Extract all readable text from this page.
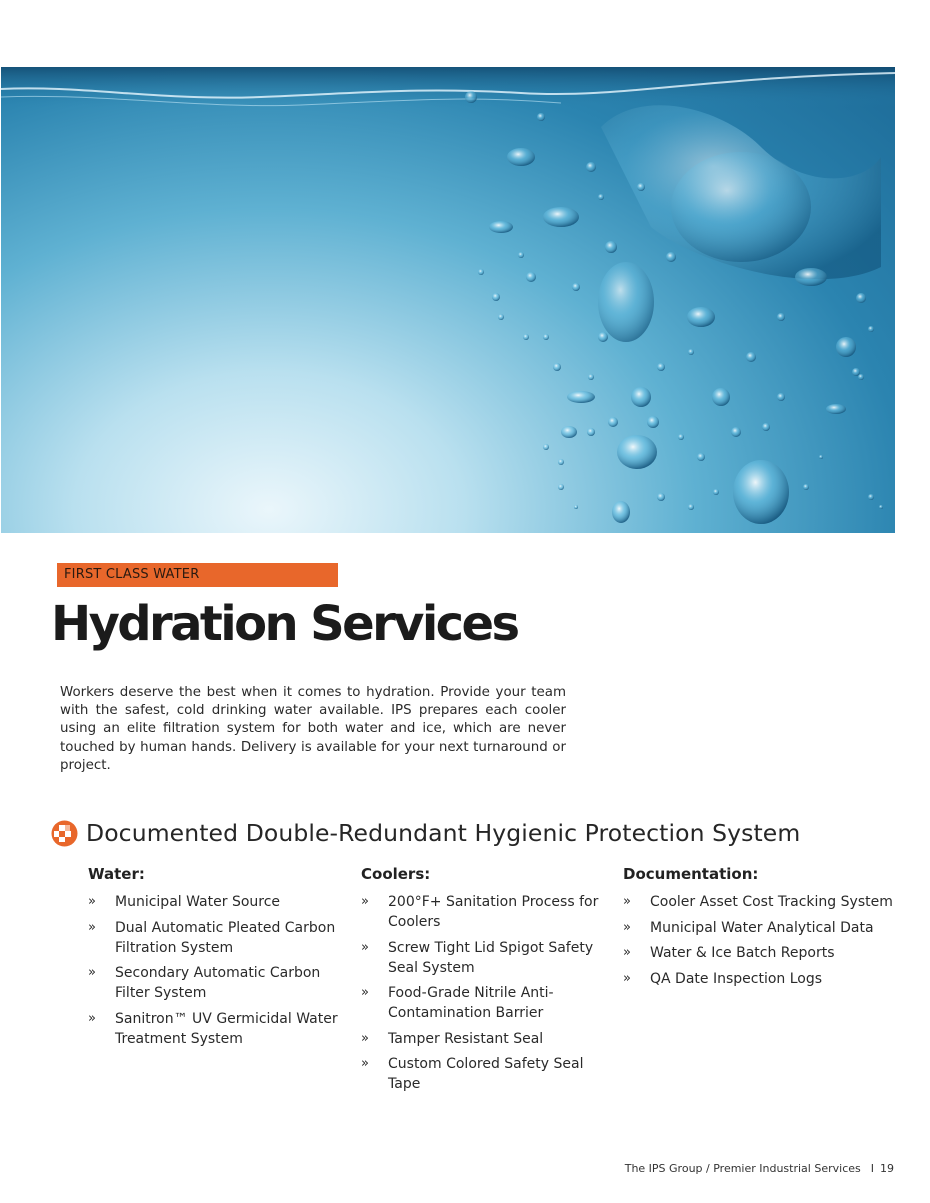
FIRST CLASS WATER
Hydration Services

Workers deserve the best when it comes to hydration. Provide your team with the safest, cold drinking water available. IPS prepares each cooler using an elite filtration system for both water and ice, which are never touched by human hands. Delivery is available for your next turnaround or project.

Documented Double-Redundant Hygienic Protection System
Water:
»	Municipal Water Source
»	Dual Automatic Pleated Carbon Filtration System
»	Secondary Automatic Carbon Filter System
»	Sanitron™ UV Germicidal Water Treatment System
Coolers:
»	200°F+ Sanitation Process for Coolers
»	Screw Tight Lid Spigot Safety Seal System
»	Food-Grade Nitrile Anti-Contamination Barrier
»	Tamper Resistant Seal
»	Custom Colored Safety Seal Tape
Documentation:
»	Cooler Asset Cost Tracking System
»	Municipal Water Analytical Data
»	Water & Ice Batch Reports
»	QA Date Inspection Logs
The IPS Group / Premier Industrial Services I 19
